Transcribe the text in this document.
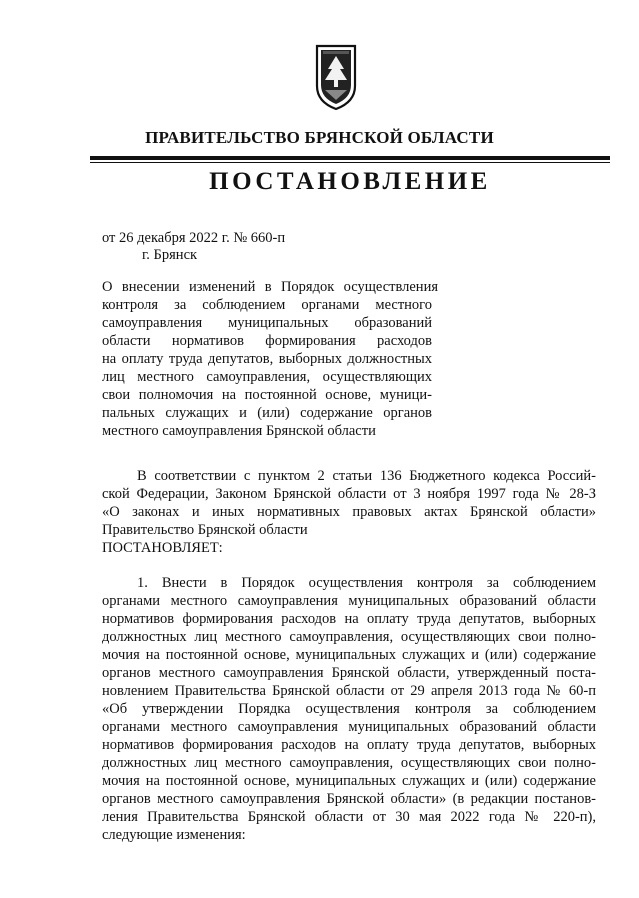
ПРАВИТЕЛЬСТВО БРЯНСКОЙ ОБЛАСТИ
ПОСТАНОВЛЕНИЕ
от 26 декабря 2022 г. № 660-п
г. Брянск
О внесении изменений в Порядок осуществления
контроля за соблюдением органами местного
самоуправления муниципальных образований
области нормативов формирования расходов
на оплату труда депутатов, выборных должностных
лиц местного самоуправления, осуществляющих
свои полномочия на постоянной основе, муници-
пальных служащих и (или) содержание органов
местного самоуправления Брянской области
В соответствии с пунктом 2 статьи 136 Бюджетного кодекса Россий-
ской Федерации, Законом Брянской области от 3 ноября 1997 года № 28-З
«О законах и иных нормативных правовых актах Брянской области»
Правительство Брянской области
ПОСТАНОВЛЯЕТ:
1. Внести в Порядок осуществления контроля за соблюдением
органами местного самоуправления муниципальных образований области
нормативов формирования расходов на оплату труда депутатов, выборных
должностных лиц местного самоуправления, осуществляющих свои полно-
мочия на постоянной основе, муниципальных служащих и (или) содержание
органов местного самоуправления Брянской области, утвержденный поста-
новлением Правительства Брянской области от 29 апреля 2013 года № 60-п
«Об утверждении Порядка осуществления контроля за соблюдением
органами местного самоуправления муниципальных образований области
нормативов формирования расходов на оплату труда депутатов, выборных
должностных лиц местного самоуправления, осуществляющих свои полно-
мочия на постоянной основе, муниципальных служащих и (или) содержание
органов местного самоуправления Брянской области» (в редакции постанов-
ления Правительства Брянской области от 30 мая 2022 года № 220-п),
следующие изменения:
